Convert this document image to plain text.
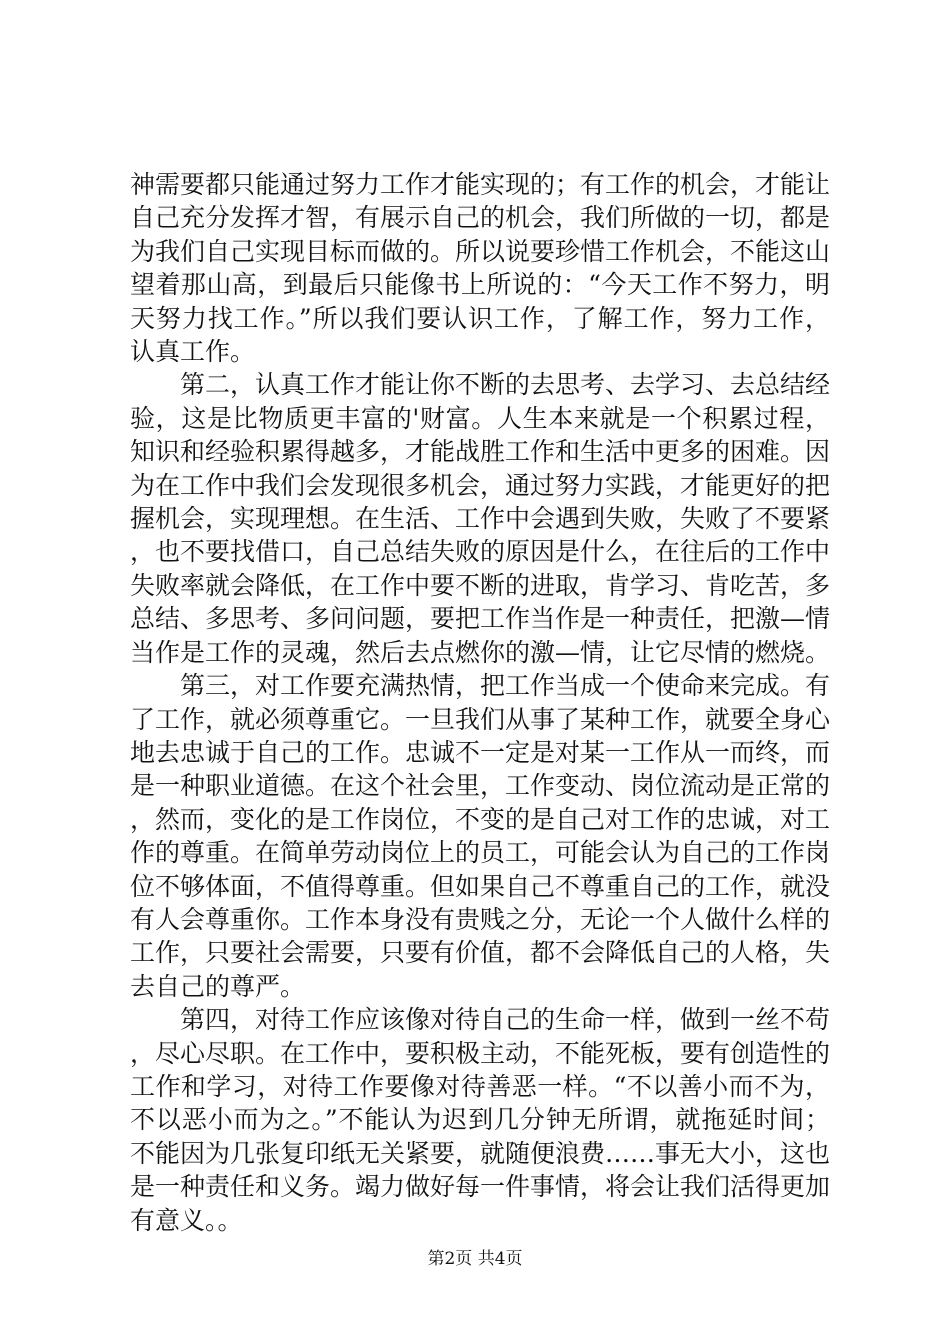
神需要都只能通过努力工作才能实现的；有工作的机会，才能让自己充分发挥才智，有展示自己的机会，我们所做的一切，都是为我们自己实现目标而做的。所以说要珍惜工作机会，不能这山望着那山高，到最后只能像书上所说的：“今天工作不努力，明天努力找工作。”所以我们要认识工作，了解工作，努力工作，认真工作。

第二，认真工作才能让你不断的去思考、去学习、去总结经验，这是比物质更丰富的'财富。人生本来就是一个积累过程，知识和经验积累得越多，才能战胜工作和生活中更多的困难。因为在工作中我们会发现很多机会，通过努力实践，才能更好的把握机会，实现理想。在生活、工作中会遇到失败，失败了不要紧，也不要找借口，自己总结失败的原因是什么，在往后的工作中失败率就会降低，在工作中要不断的进取，肯学习、肯吃苦，多总结、多思考、多问问题，要把工作当作是一种责任，把激—情当作是工作的灵魂，然后去点燃你的激—情，让它尽情的燃烧。

第三，对工作要充满热情，把工作当成一个使命来完成。有了工作，就必须尊重它。一旦我们从事了某种工作，就要全身心地去忠诚于自己的工作。忠诚不一定是对某一工作从一而终，而是一种职业道德。在这个社会里，工作变动、岗位流动是正常的，然而，变化的是工作岗位，不变的是自己对工作的忠诚，对工作的尊重。在简单劳动岗位上的员工，可能会认为自己的工作岗位不够体面，不值得尊重。但如果自己不尊重自己的工作，就没有人会尊重你。工作本身没有贵贱之分，无论一个人做什么样的工作，只要社会需要，只要有价值，都不会降低自己的人格，失去自己的尊严。

第四，对待工作应该像对待自己的生命一样，做到一丝不苟，尽心尽职。在工作中，要积极主动，不能死板，要有创造性的工作和学习，对待工作要像对待善恶一样。“不以善小而不为，不以恶小而为之。”不能认为迟到几分钟无所谓，就拖延时间；不能因为几张复印纸无关紧要，就随便浪费……事无大小，这也是一种责任和义务。竭力做好每一件事情，将会让我们活得更加有意义。。

第2页 共4页
